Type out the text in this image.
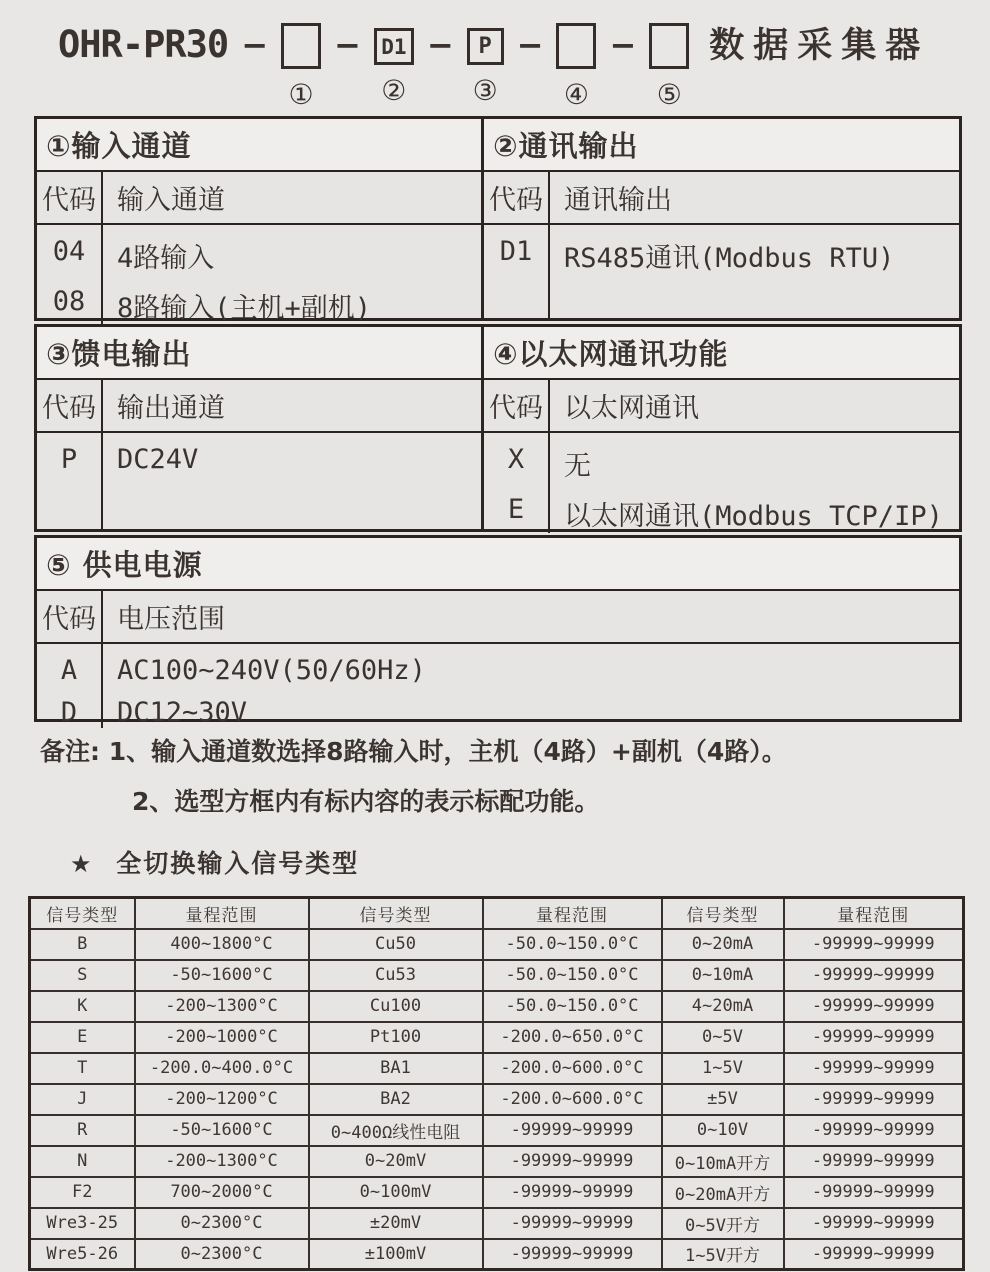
OHR-PR30 −
①
− D1
②
−	P
③
−
④
−
⑤
数据采集器
①输入通道
代码 输入通道
04	4路输入
08	8路输入(主机+副机)
②通讯输出
代码 通讯输出
D1	RS485通讯(Modbus RTU)
③馈电输出
代码 输出通道
P	DC24V
④以太网通讯功能
代码 以太网通讯
X	无
E	以太网通讯(Modbus TCP/IP)
⑤ 供电电源
代码 电压范围
A	AC100~240V(50/60Hz)
D	DC12~30V
备注: 1、输入通道数选择8路输入时，主机（4路）+副机（4路）。
2、选型方框内有标内容的表示标配功能。
★ 全切换输入信号类型
信号类型	量程范围	信号类型	量程范围	信号类型	量程范围
B	400~1800°C	Cu50	-50.0~150.0°C	0~20mA	-99999~99999
S	-50~1600°C	Cu53	-50.0~150.0°C	0~10mA	-99999~99999
K	-200~1300°C	Cu100	-50.0~150.0°C	4~20mA	-99999~99999
E	-200~1000°C	Pt100	-200.0~650.0°C	0~5V	-99999~99999
T	-200.0~400.0°C	BA1	-200.0~600.0°C	1~5V	-99999~99999
J	-200~1200°C	BA2	-200.0~600.0°C	±5V	-99999~99999
R	-50~1600°C	0~400Ω线性电阻	-99999~99999	0~10V	-99999~99999
N	-200~1300°C	0~20mV	-99999~99999	0~10mA开方	-99999~99999
F2	700~2000°C	0~100mV	-99999~99999	0~20mA开方	-99999~99999
Wre3-25	0~2300°C	±20mV	-99999~99999	0~5V开方	-99999~99999
Wre5-26	0~2300°C	±100mV	-99999~99999	1~5V开方	-99999~99999
